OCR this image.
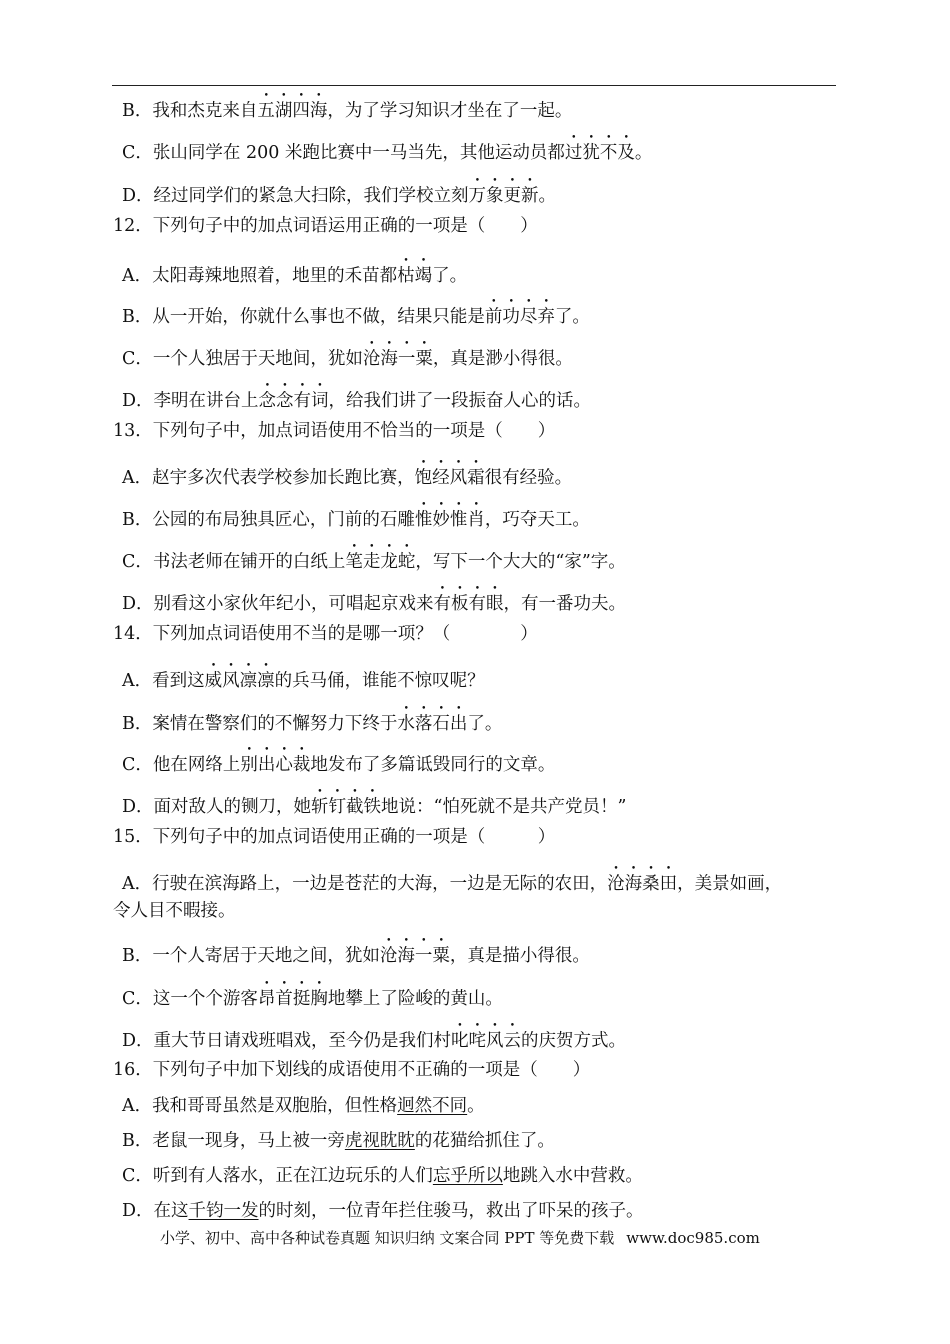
B．我和杰克来自五湖四海，为了学习知识才坐在了一起。
C．张山同学在 200 米跑比赛中一马当先，其他运动员都过犹不及。
D．经过同学们的紧急大扫除，我们学校立刻万象更新。
12．下列句子中的加点词语运用正确的一项是（　　）
A．太阳毒辣地照着，地里的禾苗都枯竭了。
B．从一开始，你就什么事也不做，结果只能是前功尽弃了。
C．一个人独居于天地间，犹如沧海一粟，真是渺小得很。
D．李明在讲台上念念有词，给我们讲了一段振奋人心的话。
13．下列句子中，加点词语使用不恰当的一项是（　　）
A．赵宇多次代表学校参加长跑比赛，饱经风霜很有经验。
B．公园的布局独具匠心，门前的石雕惟妙惟肖，巧夺天工。
C．书法老师在铺开的白纸上笔走龙蛇，写下一个大大的“家”字。
D．别看这小家伙年纪小，可唱起京戏来有板有眼，有一番功夫。
14．下列加点词语使用不当的是哪一项？（　　　　）
A．看到这威风凛凛的兵马俑，谁能不惊叹呢？
B．案情在警察们的不懈努力下终于水落石出了。
C．他在网络上别出心裁地发布了多篇诋毁同行的文章。
D．面对敌人的铡刀，她斩钉截铁地说：“怕死就不是共产党员！”
15．下列句子中的加点词语使用正确的一项是（　　　）
A．行驶在滨海路上，一边是苍茫的大海，一边是无际的农田，沧海桑田，美景如画，
令人目不暇接。
B．一个人寄居于天地之间，犹如沧海一粟，真是描小得很。
C．这一个个游客昂首挺胸地攀上了险峻的黄山。
D．重大节日请戏班唱戏，至今仍是我们村叱咤风云的庆贺方式。
16．下列句子中加下划线的成语使用不正确的一项是（　　）
A．我和哥哥虽然是双胞胎，但性格迥然不同。
B．老鼠一现身，马上被一旁虎视眈眈的花猫给抓住了。
C．听到有人落水，正在江边玩乐的人们忘乎所以地跳入水中营救。
D．在这千钧一发的时刻，一位青年拦住骏马，救出了吓呆的孩子。
小学、初中、高中各种试卷真题 知识归纳 文案合同 PPT 等免费下载 www.doc985.com
